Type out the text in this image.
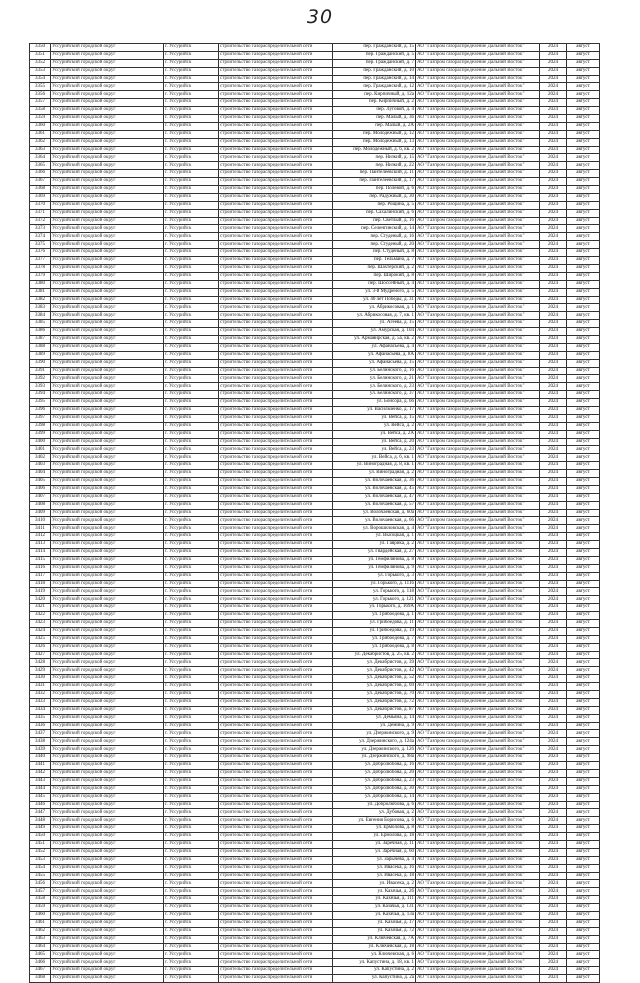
30
3350	Уссурийский городской округ	г. Уссурийск	строительство газораспределительной сети	пер. Гражданский, д. 15	АО "Газпром газораспределение Дальний Восток"	2024	август
3351	Уссурийский городской округ	г. Уссурийск	строительство газораспределительной сети	пер. Гражданский, д. 5	АО "Газпром газораспределение Дальний Восток"	2024	август
3352	Уссурийский городской округ	г. Уссурийск	строительство газораспределительной сети	пер. Гражданский, д. 7	АО "Газпром газораспределение Дальний Восток"	2024	август
3353	Уссурийский городской округ	г. Уссурийск	строительство газораспределительной сети	пер. Гражданский, д. 10	АО "Газпром газораспределение Дальний Восток"	2024	август
3354	Уссурийский городской округ	г. Уссурийск	строительство газораспределительной сети	пер. Гражданский, д. 14	АО "Газпром газораспределение Дальний Восток"	2024	август
3355	Уссурийский городской округ	г. Уссурийск	строительство газораспределительной сети	пер. Гражданский, д. 12	АО "Газпром газораспределение Дальний Восток"	2024	август
3356	Уссурийский городской округ	г. Уссурийск	строительство газораспределительной сети	пер. Кирпичный, д. 12а	АО "Газпром газораспределение Дальний Восток"	2024	август
3357	Уссурийский городской округ	г. Уссурийск	строительство газораспределительной сети	пер. Кирпичный, д. 2	АО "Газпром газораспределение Дальний Восток"	2024	август
3358	Уссурийский городской округ	г. Уссурийск	строительство газораспределительной сети	пер. Луговой, д. 4	АО "Газпром газораспределение Дальний Восток"	2024	август
3359	Уссурийский городской округ	г. Уссурийск	строительство газораспределительной сети	пер. Малый, д. 3б	АО "Газпром газораспределение Дальний Восток"	2024	август
3360	Уссурийский городской округ	г. Уссурийск	строительство газораспределительной сети	пер. Малый, д. 2А	АО "Газпром газораспределение Дальний Восток"	2024	август
3361	Уссурийский городской округ	г. Уссурийск	строительство газораспределительной сети	пер. Молодежный, д. 12	АО "Газпром газораспределение Дальний Восток"	2024	август
3362	Уссурийский городской округ	г. Уссурийск	строительство газораспределительной сети	пер. Молодежный, д. 13	АО "Газпром газораспределение Дальний Восток"	2024	август
3363	Уссурийский городской округ	г. Уссурийск	строительство газораспределительной сети	пер. Молодежный, д. 6, кв. 2	АО "Газпром газораспределение Дальний Восток"	2024	август
3364	Уссурийский городской округ	г. Уссурийск	строительство газораспределительной сети	пер. Низкий, д. 15	АО "Газпром газораспределение Дальний Восток"	2024	август
3365	Уссурийский городской округ	г. Уссурийск	строительство газораспределительной сети	пер. Низкий, д. 22	АО "Газпром газораспределение Дальний Восток"	2024	август
3366	Уссурийский городской округ	г. Уссурийск	строительство газораспределительной сети	пер. Пантелеевский, д. 11	АО "Газпром газораспределение Дальний Восток"	2024	август
3367	Уссурийский городской округ	г. Уссурийск	строительство газораспределительной сети	пер. Пантелеевский, д. 17	АО "Газпром газораспределение Дальний Восток"	2024	август
3368	Уссурийский городской округ	г. Уссурийск	строительство газораспределительной сети	пер. Полевой, д. 6	АО "Газпром газораспределение Дальний Восток"	2024	август
3369	Уссурийский городской округ	г. Уссурийск	строительство газораспределительной сети	пер. Радужный, д. 30	АО "Газпром газораспределение Дальний Восток"	2024	август
3370	Уссурийский городской округ	г. Уссурийск	строительство газораспределительной сети	пер. Рощина, д. 5	АО "Газпром газораспределение Дальний Восток"	2024	август
3371	Уссурийский городской округ	г. Уссурийск	строительство газораспределительной сети	пер. Сахалинский, д. 6	АО "Газпром газораспределение Дальний Восток"	2024	август
3372	Уссурийский городской округ	г. Уссурийск	строительство газораспределительной сети	пер. Светлый, д. 16	АО "Газпром газораспределение Дальний Восток"	2024	август
3373	Уссурийский городской округ	г. Уссурийск	строительство газораспределительной сети	пер. Селенгинский, д. 14	АО "Газпром газораспределение Дальний Восток"	2024	август
3374	Уссурийский городской округ	г. Уссурийск	строительство газораспределительной сети	пер. Студеный, д. 16	АО "Газпром газораспределение Дальний Восток"	2024	август
3375	Уссурийский городской округ	г. Уссурийск	строительство газораспределительной сети	пер. Студеный, д. 20	АО "Газпром газораспределение Дальний Восток"	2024	август
3376	Уссурийский городской округ	г. Уссурийск	строительство газораспределительной сети	пер. Студеный, д. 8	АО "Газпром газораспределение Дальний Восток"	2024	август
3377	Уссурийский городской округ	г. Уссурийск	строительство газораспределительной сети	пер. Тельмана, д. 7	АО "Газпром газораспределение Дальний Восток"	2024	август
3378	Уссурийский городской округ	г. Уссурийск	строительство газораспределительной сети	пер. Шахтерский, д. 2	АО "Газпром газораспределение Дальний Восток"	2024	август
3379	Уссурийский городской округ	г. Уссурийск	строительство газораспределительной сети	пер. Широкий, д. 8	АО "Газпром газораспределение Дальний Восток"	2024	август
3380	Уссурийский городской округ	г. Уссурийск	строительство газораспределительной сети	пер. Шоссейный, д. 4	АО "Газпром газораспределение Дальний Восток"	2024	август
3381	Уссурийский городской округ	г. Уссурийск	строительство газораспределительной сети	ул. 3-й Мудреного, д. 5	АО "Газпром газораспределение Дальний Восток"	2024	август
3382	Уссурийский городской округ	г. Уссурийск	строительство газораспределительной сети	ул. 40 лет Победы, д. 31	АО "Газпром газораспределение Дальний Восток"	2024	август
3383	Уссурийский городской округ	г. Уссурийск	строительство газораспределительной сети	ул. Абрикосовая, д. 1	АО "Газпром газораспределение Дальний Восток"	2024	август
3384	Уссурийский городской округ	г. Уссурийск	строительство газораспределительной сети	ул. Абрикосовая, д. 7, кв. 1	АО "Газпром газораспределение Дальний Восток"	2024	август
3385	Уссурийский городской округ	г. Уссурийск	строительство газораспределительной сети	ул. Агеева, д. 15	АО "Газпром газораспределение Дальний Восток"	2024	август
3386	Уссурийский городской округ	г. Уссурийск	строительство газораспределительной сети	ул. Амурская, д. 104	АО "Газпром газораспределение Дальний Восток"	2024	август
3387	Уссурийский городской округ	г. Уссурийск	строительство газораспределительной сети	ул. Армавирская, д. 5а, кв. 2	АО "Газпром газораспределение Дальний Восток"	2024	август
3388	Уссурийский городской округ	г. Уссурийск	строительство газораспределительной сети	ул. Афанасьева, д. 4	АО "Газпром газораспределение Дальний Восток"	2024	август
3389	Уссурийский городской округ	г. Уссурийск	строительство газораспределительной сети	ул. Афанасьева, д. 8А	АО "Газпром газораспределение Дальний Восток"	2024	август
3390	Уссурийский городской округ	г. Уссурийск	строительство газораспределительной сети	ул. Афанасьева, д. 15	АО "Газпром газораспределение Дальний Восток"	2024	август
3391	Уссурийский городской округ	г. Уссурийск	строительство газораспределительной сети	ул. Белинского, д. 16	АО "Газпром газораспределение Дальний Восток"	2024	август
3392	Уссурийский городской округ	г. Уссурийск	строительство газораспределительной сети	ул. Белинского, д. 21	АО "Газпром газораспределение Дальний Восток"	2024	август
3393	Уссурийский городской округ	г. Уссурийск	строительство газораспределительной сети	ул. Белинского, д. 23	АО "Газпром газораспределение Дальний Восток"	2024	август
3394	Уссурийский городской округ	г. Уссурийск	строительство газораспределительной сети	ул. Белинского, д. 37	АО "Газпром газораспределение Дальний Восток"	2024	август
3395	Уссурийский городской округ	г. Уссурийск	строительство газораспределительной сети	ул. Бонсора, д. 66	АО "Газпром газораспределение Дальний Восток"	2024	август
3396	Уссурийский городской округ	г. Уссурийск	строительство газораспределительной сети	ул. Васильченко, д. 17	АО "Газпром газораспределение Дальний Восток"	2024	август
3397	Уссурийский городской округ	г. Уссурийск	строительство газораспределительной сети	ул. Вейса, д. 15	АО "Газпром газораспределение Дальний Восток"	2024	август
3398	Уссурийский городской округ	г. Уссурийск	строительство газораспределительной сети	ул. Вейса, д. 2	АО "Газпром газораспределение Дальний Восток"	2024	август
3399	Уссурийский городской округ	г. Уссурийск	строительство газораспределительной сети	ул. Вейса, д. 2А	АО "Газпром газораспределение Дальний Восток"	2024	август
3400	Уссурийский городской округ	г. Уссурийск	строительство газораспределительной сети	ул. Вейса, д. 20	АО "Газпром газораспределение Дальний Восток"	2024	август
3401	Уссурийский городской округ	г. Уссурийск	строительство газораспределительной сети	ул. Вейса, д. 23	АО "Газпром газораспределение Дальний Восток"	2024	август
3402	Уссурийский городской округ	г. Уссурийск	строительство газораспределительной сети	ул. Вейса, д. 6, кв. 1	АО "Газпром газораспределение Дальний Восток"	2024	август
3403	Уссурийский городской округ	г. Уссурийск	строительство газораспределительной сети	ул. Виноградная, д. 8, кв. 1	АО "Газпром газораспределение Дальний Восток"	2024	август
3404	Уссурийский городской округ	г. Уссурийск	строительство газораспределительной сети	ул. Виноградная, д. 2	АО "Газпром газораспределение Дальний Восток"	2024	август
3405	Уссурийский городской округ	г. Уссурийск	строительство газораспределительной сети	ул. Волочаевская, д. 36	АО "Газпром газораспределение Дальний Восток"	2024	август
3406	Уссурийский городской округ	г. Уссурийск	строительство газораспределительной сети	ул. Волочаевская, д. 45	АО "Газпром газораспределение Дальний Восток"	2024	август
3407	Уссурийский городской округ	г. Уссурийск	строительство газораспределительной сети	ул. Волочаевская, д. 47	АО "Газпром газораспределение Дальний Восток"	2024	август
3408	Уссурийский городской округ	г. Уссурийск	строительство газораспределительной сети	ул. Волочаевская, д. 57	АО "Газпром газораспределение Дальний Восток"	2024	август
3409	Уссурийский городской округ	г. Уссурийск	строительство газораспределительной сети	ул. Волочаевская, д. 60а	АО "Газпром газораспределение Дальний Восток"	2024	август
3410	Уссурийский городской округ	г. Уссурийск	строительство газораспределительной сети	ул. Волочаевская, д. 66	АО "Газпром газораспределение Дальний Восток"	2024	август
3411	Уссурийский городской округ	г. Уссурийск	строительство газораспределительной сети	ул. Ворошиловская, д. 4	АО "Газпром газораспределение Дальний Восток"	2024	август
3412	Уссурийский городской округ	г. Уссурийск	строительство газораспределительной сети	ул. Высоцкая, д. 1	АО "Газпром газораспределение Дальний Восток"	2024	август
3413	Уссурийский городской округ	г. Уссурийск	строительство газораспределительной сети	ул. Гаврика, д. 2	АО "Газпром газораспределение Дальний Восток"	2024	август
3414	Уссурийский городской округ	г. Уссурийск	строительство газораспределительной сети	ул. Гвардейская, д. 27	АО "Газпром газораспределение Дальний Восток"	2024	август
3415	Уссурийский городской округ	г. Уссурийск	строительство газораспределительной сети	ул. Гемфилянова, д. 8	АО "Газпром газораспределение Дальний Восток"	2024	август
3416	Уссурийский городской округ	г. Уссурийск	строительство газораспределительной сети	ул. Гемфилянова, д. 9	АО "Газпром газораспределение Дальний Восток"	2024	август
3417	Уссурийский городской округ	г. Уссурийск	строительство газораспределительной сети	ул. Горького, д. 3	АО "Газпром газораспределение Дальний Восток"	2024	август
3418	Уссурийский городской округ	г. Уссурийск	строительство газораспределительной сети	ул. Горького, д. 111б	АО "Газпром газораспределение Дальний Восток"	2024	август
3419	Уссурийский городской округ	г. Уссурийск	строительство газораспределительной сети	ул. Горького, д. 118	АО "Газпром газораспределение Дальний Восток"	2024	август
3420	Уссурийский городской округ	г. Уссурийск	строительство газораспределительной сети	ул. Горького, д. 121	АО "Газпром газораспределение Дальний Восток"	2024	август
3421	Уссурийский городской округ	г. Уссурийск	строительство газораспределительной сети	ул. Горького, д. 169А	АО "Газпром газораспределение Дальний Восток"	2024	август
3422	Уссурийский городской округ	г. Уссурийск	строительство газораспределительной сети	ул. Грибоедова, д. 1	АО "Газпром газораспределение Дальний Восток"	2024	август
3423	Уссурийский городской округ	г. Уссурийск	строительство газораспределительной сети	ул. Грибоедова, д. 11	АО "Газпром газораспределение Дальний Восток"	2024	август
3424	Уссурийский городской округ	г. Уссурийск	строительство газораспределительной сети	ул. Грибоедова, д. 19	АО "Газпром газораспределение Дальний Восток"	2024	август
3425	Уссурийский городской округ	г. Уссурийск	строительство газораспределительной сети	ул. Грибоедова, д. 7	АО "Газпром газораспределение Дальний Восток"	2024	август
3426	Уссурийский городской округ	г. Уссурийск	строительство газораспределительной сети	ул. Грибоедова, д. 8	АО "Газпром газораспределение Дальний Восток"	2024	август
3427	Уссурийский городской округ	г. Уссурийск	строительство газораспределительной сети	ул. Декабристов, д. 25, кв. 2	АО "Газпром газораспределение Дальний Восток"	2024	август
3428	Уссурийский городской округ	г. Уссурийск	строительство газораспределительной сети	ул. Декабристов, д. 39	АО "Газпром газораспределение Дальний Восток"	2024	август
3429	Уссурийский городской округ	г. Уссурийск	строительство газораспределительной сети	ул. Декабристов, д. 42	АО "Газпром газораспределение Дальний Восток"	2024	август
3430	Уссурийский городской округ	г. Уссурийск	строительство газораспределительной сети	ул. Декабристов, д. 52	АО "Газпром газораспределение Дальний Восток"	2024	август
3431	Уссурийский городской округ	г. Уссурийск	строительство газораспределительной сети	ул. Декабристов, д. 69	АО "Газпром газораспределение Дальний Восток"	2024	август
3432	Уссурийский городской округ	г. Уссурийск	строительство газораспределительной сети	ул. Декабристов, д. 70	АО "Газпром газораспределение Дальний Восток"	2024	август
3433	Уссурийский городской округ	г. Уссурийск	строительство газораспределительной сети	ул. Декабристов, д. 72	АО "Газпром газораспределение Дальний Восток"	2024	август
3434	Уссурийский городской округ	г. Уссурийск	строительство газораспределительной сети	ул. Декабристов, д. 87	АО "Газпром газораспределение Дальний Восток"	2024	август
3435	Уссурийский городской округ	г. Уссурийск	строительство газораспределительной сети	ул. Демьяна, д. 14	АО "Газпром газораспределение Дальний Восток"	2024	август
3436	Уссурийский городской округ	г. Уссурийск	строительство газораспределительной сети	ул. Демина, д. 9	АО "Газпром газораспределение Дальний Восток"	2024	август
3437	Уссурийский городской округ	г. Уссурийск	строительство газораспределительной сети	ул. Дзержинского, д. 9	АО "Газпром газораспределение Дальний Восток"	2024	август
3438	Уссурийский городской округ	г. Уссурийск	строительство газораспределительной сети	ул. Дзержинского, д. 124а	АО "Газпром газораспределение Дальний Восток"	2024	август
3439	Уссурийский городской округ	г. Уссурийск	строительство газораспределительной сети	ул. Дзержинского, д. 126	АО "Газпром газораспределение Дальний Восток"	2024	август
3440	Уссурийский городской округ	г. Уссурийск	строительство газораспределительной сети	ул. Дзержинского, д. 98а	АО "Газпром газораспределение Дальний Восток"	2024	август
3441	Уссурийский городской округ	г. Уссурийск	строительство газораспределительной сети	ул. Добролюбова, д. 16	АО "Газпром газораспределение Дальний Восток"	2024	август
3442	Уссурийский городской округ	г. Уссурийск	строительство газораспределительной сети	ул. Добролюбова, д. 20	АО "Газпром газораспределение Дальний Восток"	2024	август
3443	Уссурийский городской округ	г. Уссурийск	строительство газораспределительной сети	ул. Добролюбова, д. 23	АО "Газпром газораспределение Дальний Восток"	2024	август
3444	Уссурийский городской округ	г. Уссурийск	строительство газораспределительной сети	ул. Добролюбова, д. 30	АО "Газпром газораспределение Дальний Восток"	2024	август
3445	Уссурийский городской округ	г. Уссурийск	строительство газораспределительной сети	ул. Добролюбова, д. 14	АО "Газпром газораспределение Дальний Восток"	2024	август
3446	Уссурийский городской округ	г. Уссурийск	строительство газораспределительной сети	ул. Добролюбова, д. 6	АО "Газпром газораспределение Дальний Восток"	2024	август
3447	Уссурийский городской округ	г. Уссурийск	строительство газораспределительной сети	ул. Дубовая, д. 2	АО "Газпром газораспределение Дальний Восток"	2024	август
3448	Уссурийский городской округ	г. Уссурийск	строительство газораспределительной сети	ул. Евгения Борисова, д. 6	АО "Газпром газораспределение Дальний Восток"	2024	август
3449	Уссурийский городской округ	г. Уссурийск	строительство газораспределительной сети	ул. Ермолова, д. 8	АО "Газпром газораспределение Дальний Восток"	2024	август
3450	Уссурийский городской округ	г. Уссурийск	строительство газораспределительной сети	ул. Ермолова, д. 18	АО "Газпром газораспределение Дальний Восток"	2024	август
3451	Уссурийский городской округ	г. Уссурийск	строительство газораспределительной сети	ул. Заречная, д. 11	АО "Газпром газораспределение Дальний Восток"	2024	август
3452	Уссурийский городской округ	г. Уссурийск	строительство газораспределительной сети	ул. Заречная, д. 60	АО "Газпром газораспределение Дальний Восток"	2024	август
3453	Уссурийский городской округ	г. Уссурийск	строительство газораспределительной сети	ул. Зарычева, д. 4	АО "Газпром газораспределение Дальний Восток"	2024	август
3454	Уссурийский городской округ	г. Уссурийск	строительство газораспределительной сети	ул. Ивасека, д. 16	АО "Газпром газораспределение Дальний Восток"	2024	август
3455	Уссурийский городской округ	г. Уссурийск	строительство газораспределительной сети	ул. Ивасека, д. 18	АО "Газпром газораспределение Дальний Восток"	2024	август
3456	Уссурийский городской округ	г. Уссурийск	строительство газораспределительной сети	ул. Ивасека, д. 2	АО "Газпром газораспределение Дальний Восток"	2024	август
3457	Уссурийский городской округ	г. Уссурийск	строительство газораспределительной сети	ул. Казачья, д. 2б	АО "Газпром газораспределение Дальний Восток"	2024	август
3458	Уссурийский городской округ	г. Уссурийск	строительство газораспределительной сети	ул. Казачья, д. 111	АО "Газпром газораспределение Дальний Восток"	2024	август
3459	Уссурийский городской округ	г. Уссурийск	строительство газораспределительной сети	ул. Казачья, д. 131	АО "Газпром газораспределение Дальний Восток"	2024	август
3460	Уссурийский городской округ	г. Уссурийск	строительство газораспределительной сети	ул. Казачья, д. 13а	АО "Газпром газораспределение Дальний Восток"	2024	август
3461	Уссурийский городской округ	г. Уссурийск	строительство газораспределительной сети	ул. Казачья, д. 17	АО "Газпром газораспределение Дальний Восток"	2024	август
3462	Уссурийский городской округ	г. Уссурийск	строительство газораспределительной сети	ул. Казачья, д. 72	АО "Газпром газораспределение Дальний Восток"	2024	август
3463	Уссурийский городской округ	г. Уссурийск	строительство газораспределительной сети	ул. Ключевская, д. 7А	АО "Газпром газораспределение Дальний Восток"	2024	август
3464	Уссурийский городской округ	г. Уссурийск	строительство газораспределительной сети	ул. Ключевская, д. 18	АО "Газпром газораспределение Дальний Восток"	2024	август
3465	Уссурийский городской округ	г. Уссурийск	строительство газораспределительной сети	ул. Ключевская, д. 6	АО "Газпром газораспределение Дальний Восток"	2024	август
3466	Уссурийский городской округ	г. Уссурийск	строительство газораспределительной сети	ул. Капустина, д. 18, кв. 1	АО "Газпром газораспределение Дальний Восток"	2024	август
3467	Уссурийский городской округ	г. Уссурийск	строительство газораспределительной сети	ул. Капустина, д. 2	АО "Газпром газораспределение Дальний Восток"	2024	август
3468	Уссурийский городской округ	г. Уссурийск	строительство газораспределительной сети	ул. Капустина, д. 2а	АО "Газпром газораспределение Дальний Восток"	2024	август
